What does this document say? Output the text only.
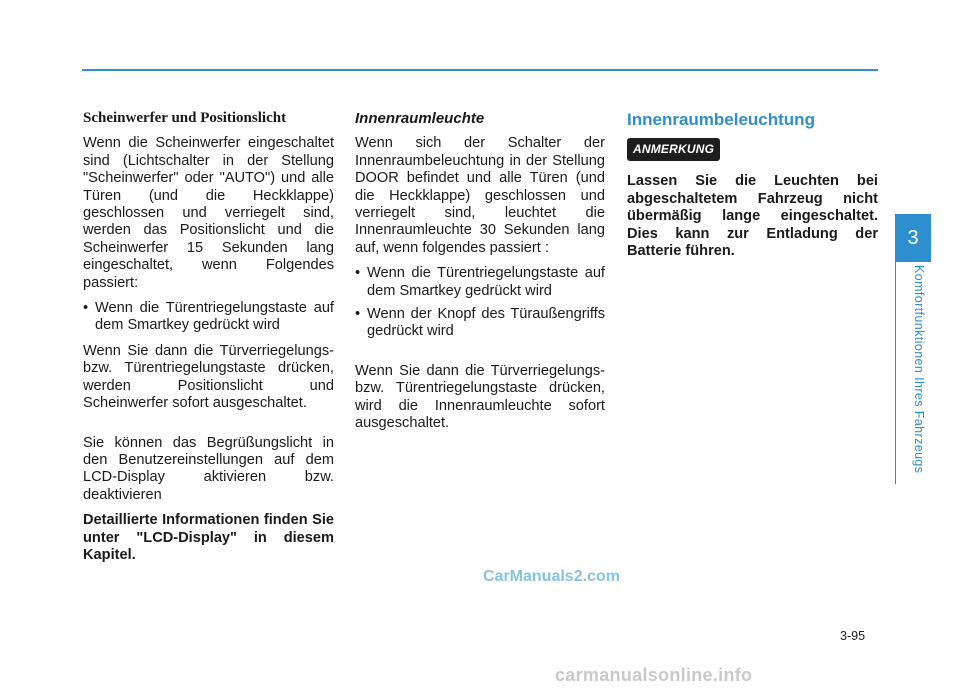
Scheinwerfer und Positionslicht

Wenn die Scheinwerfer eingeschaltet sind (Lichtschalter in der Stellung "Scheinwerfer" oder "AUTO") und alle Türen (und die Heckklappe) geschlossen und verriegelt sind, werden das Positionslicht und die Scheinwerfer 15 Sekunden lang eingeschaltet, wenn Folgendes passiert:

• Wenn die Türentriegelungstaste auf dem Smartkey gedrückt wird

Wenn Sie dann die Türverriegelungs- bzw. Türentriegelungstaste drücken, werden Positionslicht und Scheinwerfer sofort ausgeschaltet.

Sie können das Begrüßungslicht in den Benutzereinstellungen auf dem LCD-Display aktivieren bzw. deaktivieren

Detaillierte Informationen finden Sie unter "LCD-Display" in diesem Kapitel.

Innenraumleuchte

Wenn sich der Schalter der Innenraumbeleuchtung in der Stellung DOOR befindet und alle Türen (und die Heckklappe) geschlossen und verriegelt sind, leuchtet die Innenraumleuchte 30 Sekunden lang auf, wenn folgendes passiert :

• Wenn die Türentriegelungstaste auf dem Smartkey gedrückt wird
• Wenn der Knopf des Türaußengriffs gedrückt wird

Wenn Sie dann die Türverriegelungs- bzw. Türentriegelungstaste drücken, wird die Innenraumleuchte sofort ausgeschaltet.

Innenraumbeleuchtung

ANMERKUNG

Lassen Sie die Leuchten bei abgeschaltetem Fahrzeug nicht übermäßig lange eingeschaltet. Dies kann zur Entladung der Batterie führen.

3
Komfortfunktionen Ihres Fahrzeugs
CarManuals2.com
3-95
carmanualsonline.info
